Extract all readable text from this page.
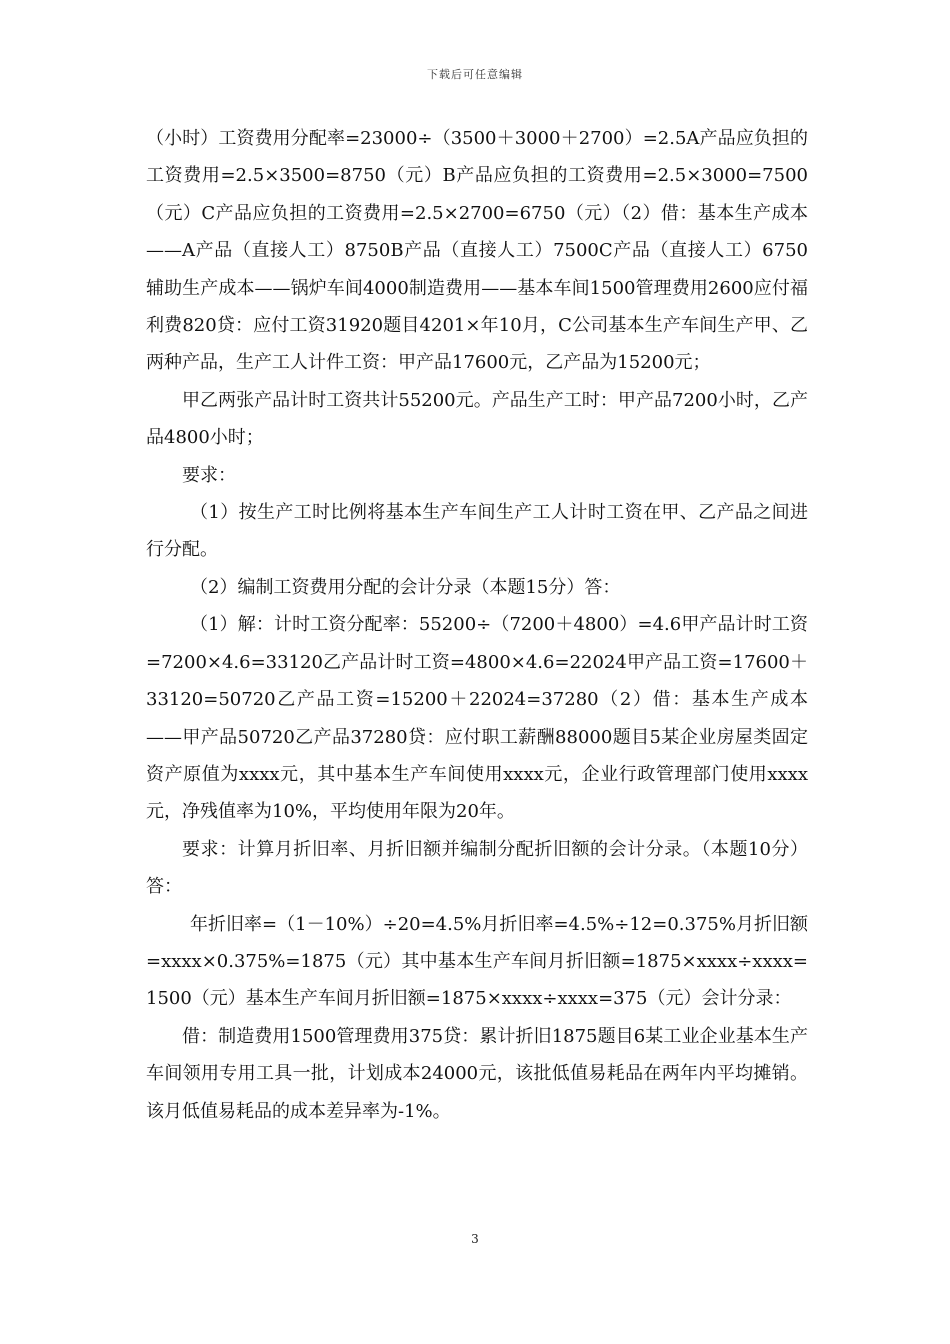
下载后可任意编辑

（小时）工资费用分配率=23000÷（3500＋3000＋2700）=2.5A产品应负担的工资费用=2.5×3500=8750（元）B产品应负担的工资费用=2.5×3000=7500（元）C产品应负担的工资费用=2.5×2700=6750（元）（2）借：基本生产成本——A产品（直接人工）8750B产品（直接人工）7500C产品（直接人工）6750辅助生产成本——锅炉车间4000制造费用——基本车间1500管理费用2600应付福利费820贷：应付工资31920题目4201×年10月，C公司基本生产车间生产甲、乙两种产品，生产工人计件工资：甲产品17600元，乙产品为15200元；

甲乙两张产品计时工资共计55200元。产品生产工时：甲产品7200小时，乙产品4800小时；

要求：

（1）按生产工时比例将基本生产车间生产工人计时工资在甲、乙产品之间进行分配。

（2）编制工资费用分配的会计分录（本题15分）答：

（1）解：计时工资分配率：55200÷（7200＋4800）=4.6甲产品计时工资=7200×4.6=33120乙产品计时工资=4800×4.6=22024甲产品工资=17600＋33120=50720乙产品工资=15200＋22024=37280（2）借：基本生产成本——甲产品50720乙产品37280贷：应付职工薪酬88000题目5某企业房屋类固定资产原值为xxxx元，其中基本生产车间使用xxxx元，企业行政管理部门使用xxxx元，净残值率为10%，平均使用年限为20年。

要求：计算月折旧率、月折旧额并编制分配折旧额的会计分录。（本题10分）答：

年折旧率=（1－10%）÷20=4.5%月折旧率=4.5%÷12=0.375%月折旧额=xxxx×0.375%=1875（元）其中基本生产车间月折旧额=1875×xxxx÷xxxx=1500（元）基本生产车间月折旧额=1875×xxxx÷xxxx=375（元）会计分录：

借：制造费用1500管理费用375贷：累计折旧1875题目6某工业企业基本生产车间领用专用工具一批，计划成本24000元，该批低值易耗品在两年内平均摊销。该月低值易耗品的成本差异率为-1%。

3
